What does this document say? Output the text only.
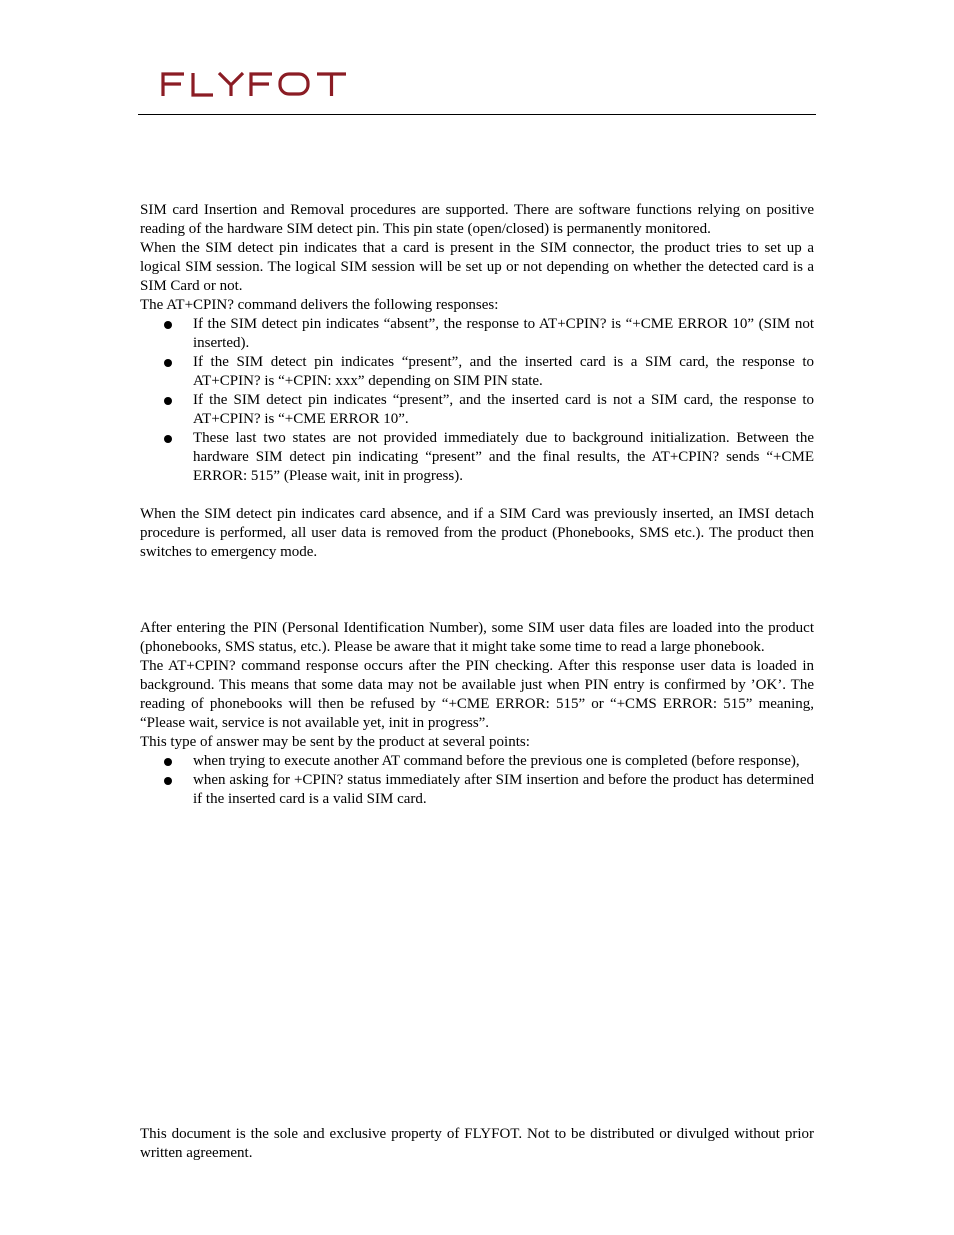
SIM card Insertion and Removal procedures are supported. There are software functions relying on positive reading of the hardware SIM detect pin. This pin state (open/closed) is permanently monitored.

When the SIM detect pin indicates that a card is present in the SIM connector, the product tries to set up a logical SIM session. The logical SIM session will be set up or not depending on whether the detected card is a SIM Card or not.

The AT+CPIN? command delivers the following responses:

If the SIM detect pin indicates “absent”, the response to AT+CPIN? is “+CME ERROR 10” (SIM not inserted).
If the SIM detect pin indicates “present”, and the inserted card is a SIM card, the response to AT+CPIN? is “+CPIN: xxx” depending on SIM PIN state.
If the SIM detect pin indicates “present”, and the inserted card is not a SIM card, the response to AT+CPIN? is “+CME ERROR 10”.
These last two states are not provided immediately due to background initialization. Between the hardware SIM detect pin indicating “present” and the final results, the AT+CPIN? sends “+CME ERROR: 515” (Please wait, init in progress).

When the SIM detect pin indicates card absence, and if a SIM Card was previously inserted, an IMSI detach procedure is performed, all user data is removed from the product (Phonebooks, SMS etc.). The product then switches to emergency mode.

After entering the PIN (Personal Identification Number), some SIM user data files are loaded into the product (phonebooks, SMS status, etc.). Please be aware that it might take some time to read a large phonebook.

The AT+CPIN? command response occurs after the PIN checking. After this response user data is loaded in background. This means that some data may not be available just when PIN entry is confirmed by ’OK’. The reading of phonebooks will then be refused by “+CME ERROR: 515” or “+CMS ERROR: 515” meaning, “Please wait, service is not available yet, init in progress”.

This type of answer may be sent by the product at several points:

when trying to execute another AT command before the previous one is completed (before response),
when asking for +CPIN? status immediately after SIM insertion and before the product has determined if the inserted card is a valid SIM card.
This document is the sole and exclusive property of FLYFOT. Not to be distributed or divulged without prior written agreement.
